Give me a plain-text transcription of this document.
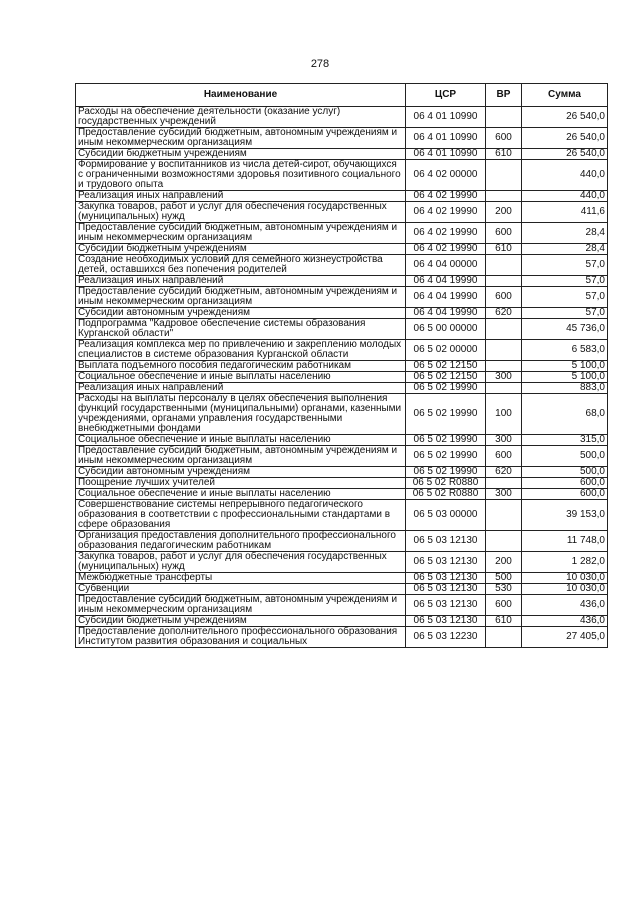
278
Наименование	ЦСР	ВР	Сумма
Расходы на обеспечение деятельности (оказание услуг) государственных учреждений	06 4 01 10990		26 540,0
Предоставление субсидий бюджетным, автономным учреждениям и иным некоммерческим организациям	06 4 01 10990	600	26 540,0
Субсидии бюджетным учреждениям	06 4 01 10990	610	26 540,0
Формирование у воспитанников из числа детей-сирот, обучающихся с ограниченными возможностями здоровья позитивного социального и трудового опыта	06 4 02 00000		440,0
Реализация иных направлений	06 4 02 19990		440,0
Закупка товаров, работ и услуг для обеспечения государственных (муниципальных) нужд	06 4 02 19990	200	411,6
Предоставление субсидий бюджетным, автономным учреждениям и иным некоммерческим организациям	06 4 02 19990	600	28,4
Субсидии бюджетным учреждениям	06 4 02 19990	610	28,4
Создание необходимых условий для семейного жизнеустройства детей, оставшихся без попечения родителей	06 4 04 00000		57,0
Реализация иных направлений	06 4 04 19990		57,0
Предоставление субсидий бюджетным, автономным учреждениям и иным некоммерческим организациям	06 4 04 19990	600	57,0
Субсидии автономным учреждениям	06 4 04 19990	620	57,0
Подпрограмма "Кадровое обеспечение системы образования Курганской области"	06 5 00 00000		45 736,0
Реализация комплекса мер по привлечению и закреплению молодых специалистов в системе образования Курганской области	06 5 02 00000		6 583,0
Выплата подъемного пособия педагогическим работникам	06 5 02 12150		5 100,0
Социальное обеспечение и иные выплаты населению	06 5 02 12150	300	5 100,0
Реализация иных направлений	06 5 02 19990		883,0
Расходы на выплаты персоналу в целях обеспечения выполнения функций государственными (муниципальными) органами, казенными учреждениями, органами управления государственными внебюджетными фондами	06 5 02 19990	100	68,0
Социальное обеспечение и иные выплаты населению	06 5 02 19990	300	315,0
Предоставление субсидий бюджетным, автономным учреждениям и иным некоммерческим организациям	06 5 02 19990	600	500,0
Субсидии автономным учреждениям	06 5 02 19990	620	500,0
Поощрение лучших учителей	06 5 02 R0880		600,0
Социальное обеспечение и иные выплаты населению	06 5 02 R0880	300	600,0
Совершенствование системы непрерывного педагогического образования в соответствии с профессиональными стандартами в сфере образования	06 5 03 00000		39 153,0
Организация предоставления дополнительного профессионального образования педагогическим работникам	06 5 03 12130		11 748,0
Закупка товаров, работ и услуг для обеспечения государственных (муниципальных) нужд	06 5 03 12130	200	1 282,0
Межбюджетные трансферты	06 5 03 12130	500	10 030,0
Субвенции	06 5 03 12130	530	10 030,0
Предоставление субсидий бюджетным, автономным учреждениям и иным некоммерческим организациям	06 5 03 12130	600	436,0
Субсидии бюджетным учреждениям	06 5 03 12130	610	436,0
Предоставление дополнительного профессионального образования Институтом развития образования и социальных	06 5 03 12230		27 405,0
